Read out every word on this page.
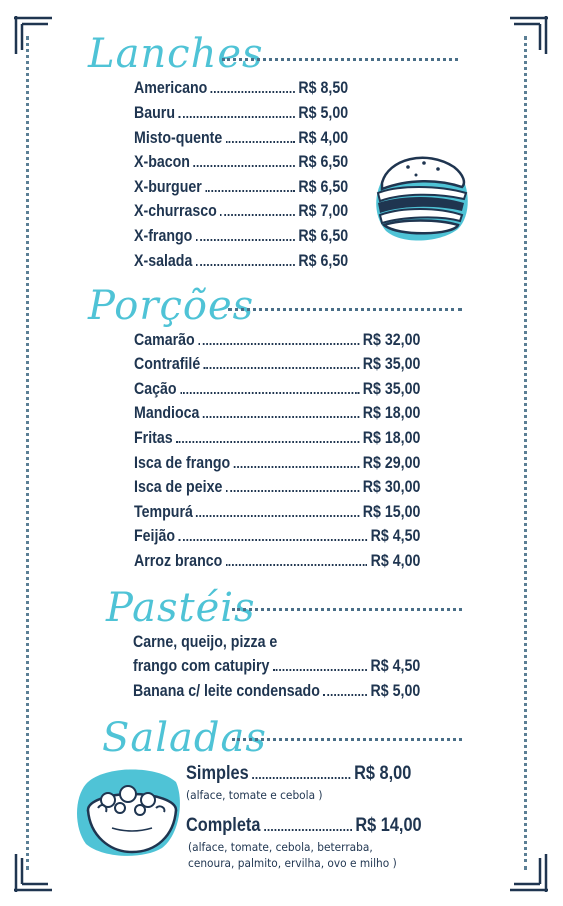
Lanches
Porções
Pastéis
Saladas
Americano	R$ 8,50
Bauru	R$ 5,00
Misto-quente	R$ 4,00
X-bacon	R$ 6,50
X-burguer	R$ 6,50
X-churrasco	R$ 7,00
X-frango	R$ 6,50
X-salada	R$ 6,50
Camarão	R$ 32,00
Contrafilé	R$ 35,00
Cação	R$ 35,00
Mandioca	R$ 18,00
Fritas	R$ 18,00
Isca de frango	R$ 29,00
Isca de peixe	R$ 30,00
Tempurá	R$ 15,00
Feijão	R$ 4,50
Arroz branco	R$ 4,00
Carne, queijo, pizza e
frango com catupiry	R$ 4,50
Banana c/ leite condensado	R$ 5,00
Simples	R$ 8,00
(alface, tomate e cebola )
Completa	R$ 14,00
(alface, tomate, cebola, beterraba,
cenoura, palmito, ervilha, ovo e milho )
